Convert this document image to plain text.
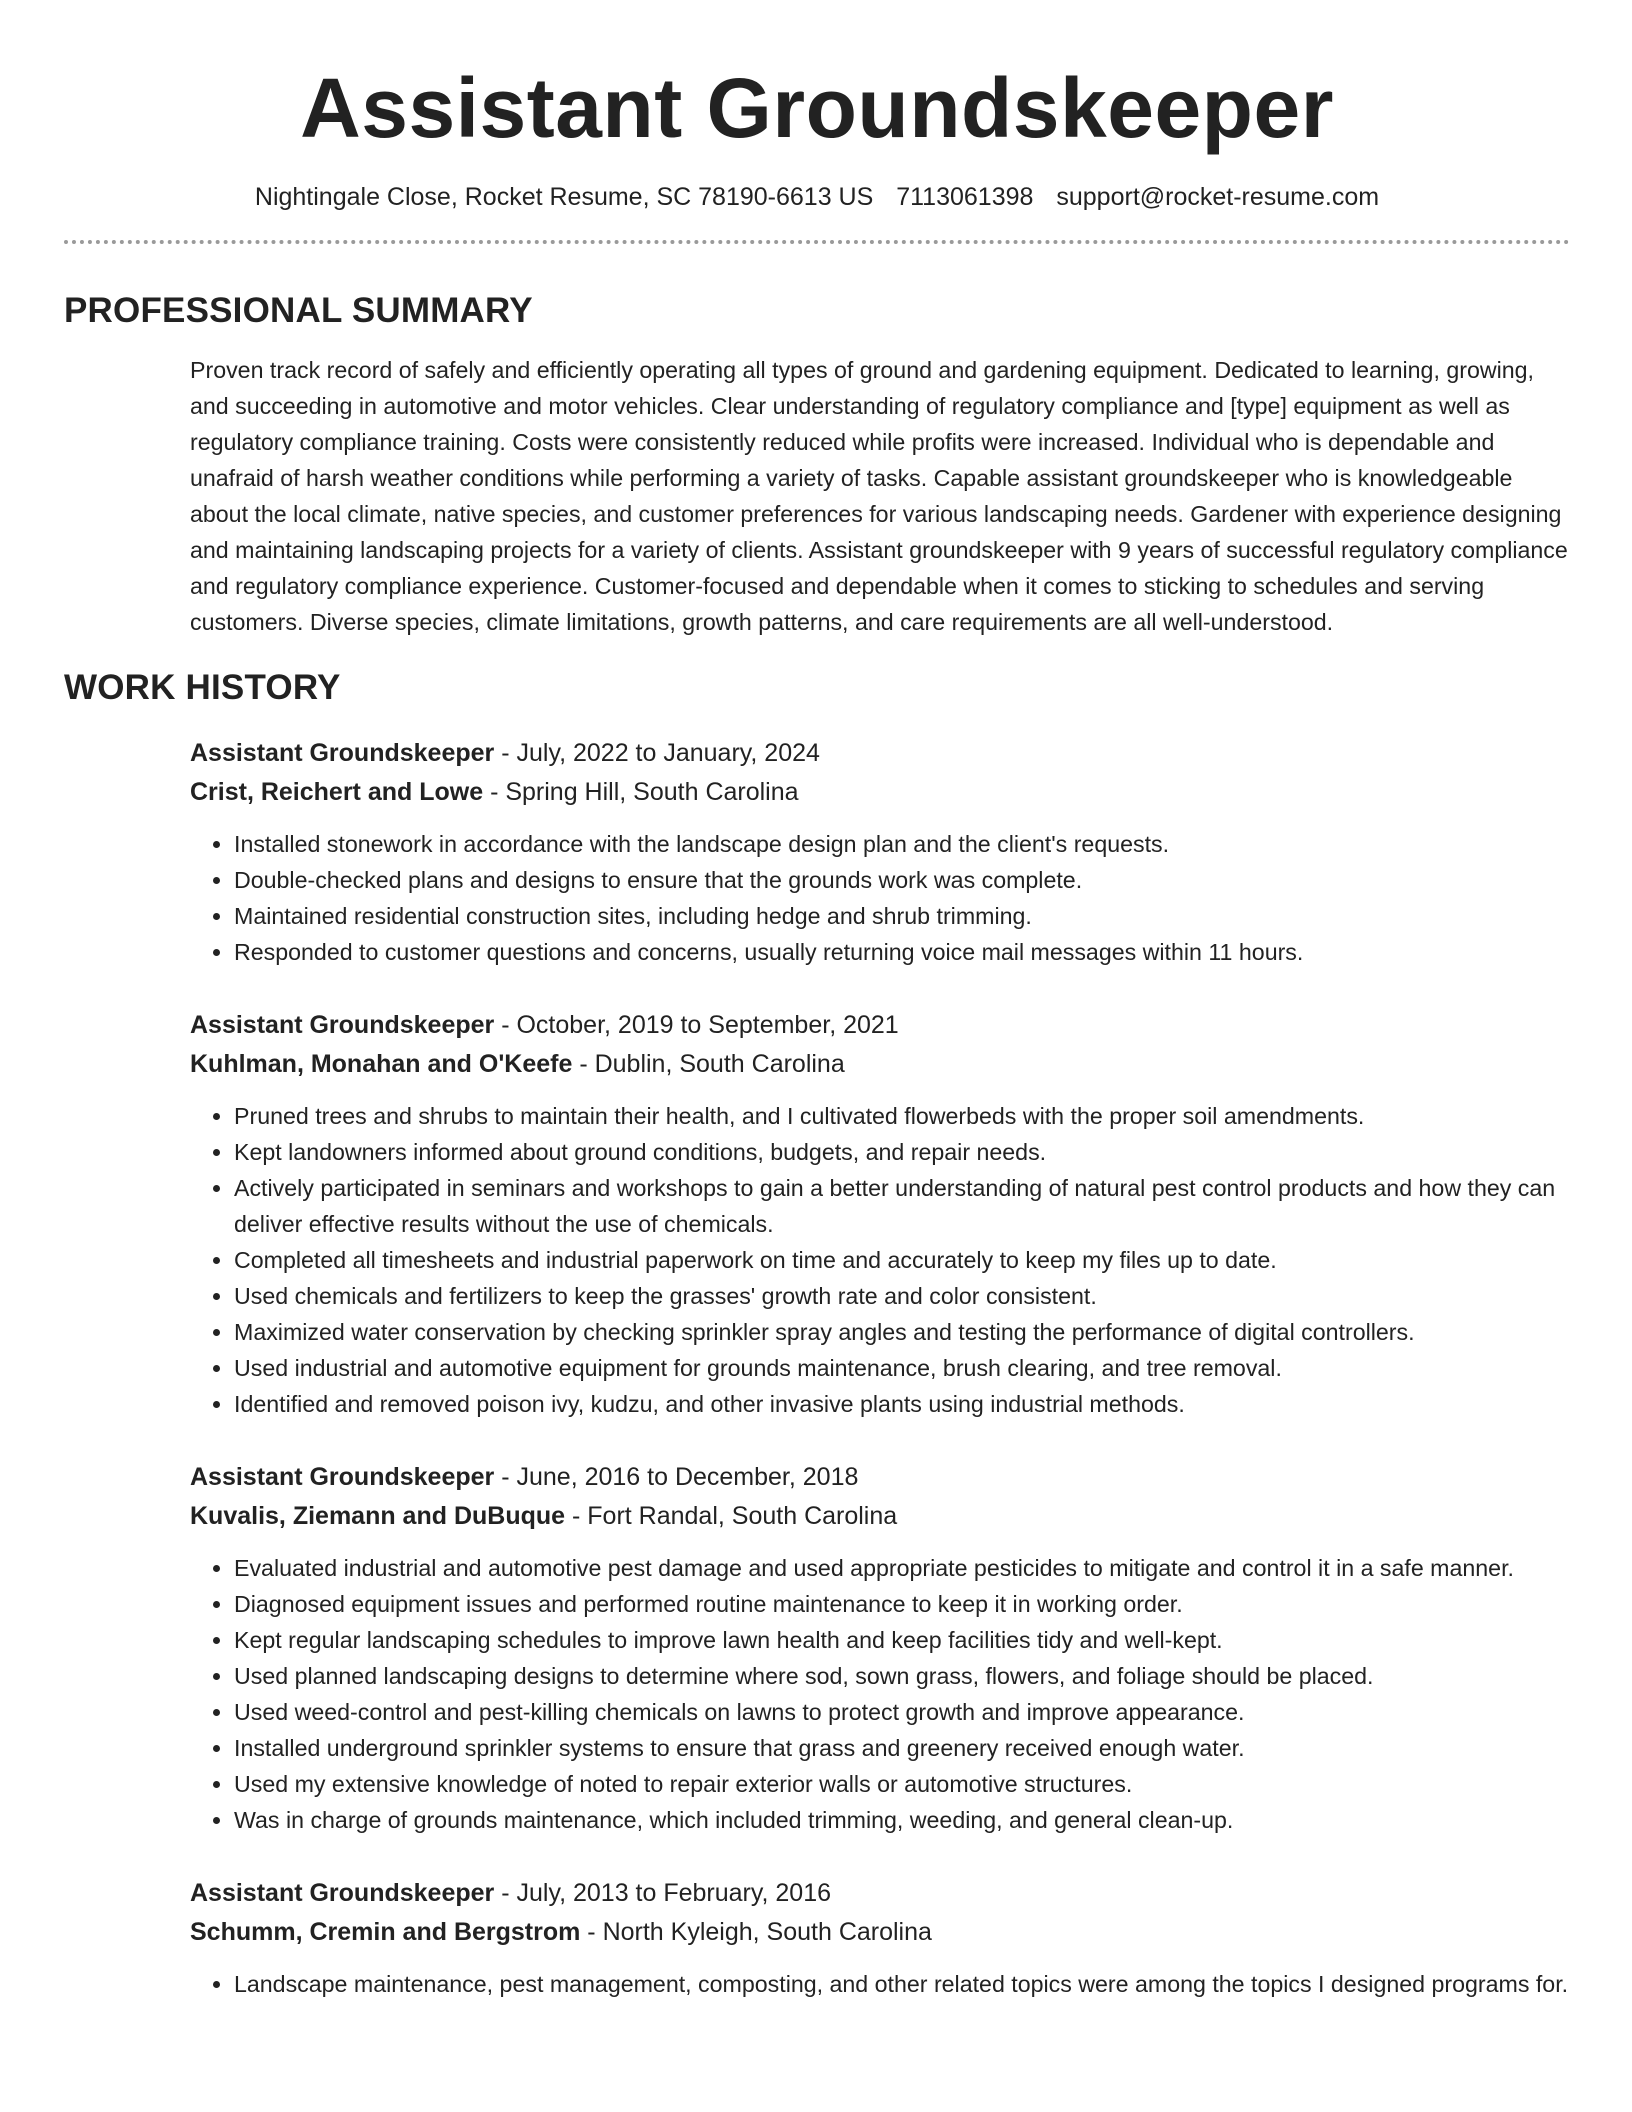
Assistant Groundskeeper
Nightingale Close, Rocket Resume, SC 78190-6613 US 7113061398 support@rocket-resume.com
PROFESSIONAL SUMMARY
Proven track record of safely and efficiently operating all types of ground and gardening equipment. Dedicated to learning, growing, and succeeding in automotive and motor vehicles. Clear understanding of regulatory compliance and [type] equipment as well as regulatory compliance training. Costs were consistently reduced while profits were increased. Individual who is dependable and unafraid of harsh weather conditions while performing a variety of tasks. Capable assistant groundskeeper who is knowledgeable about the local climate, native species, and customer preferences for various landscaping needs. Gardener with experience designing and maintaining landscaping projects for a variety of clients. Assistant groundskeeper with 9 years of successful regulatory compliance and regulatory compliance experience. Customer-focused and dependable when it comes to sticking to schedules and serving customers. Diverse species, climate limitations, growth patterns, and care requirements are all well-understood.
WORK HISTORY
Assistant Groundskeeper - July, 2022 to January, 2024
Crist, Reichert and Lowe - Spring Hill, South Carolina
• Installed stonework in accordance with the landscape design plan and the client's requests.
• Double-checked plans and designs to ensure that the grounds work was complete.
• Maintained residential construction sites, including hedge and shrub trimming.
• Responded to customer questions and concerns, usually returning voice mail messages within 11 hours.
Assistant Groundskeeper - October, 2019 to September, 2021
Kuhlman, Monahan and O'Keefe - Dublin, South Carolina
• Pruned trees and shrubs to maintain their health, and I cultivated flowerbeds with the proper soil amendments.
• Kept landowners informed about ground conditions, budgets, and repair needs.
• Actively participated in seminars and workshops to gain a better understanding of natural pest control products and how they can deliver effective results without the use of chemicals.
• Completed all timesheets and industrial paperwork on time and accurately to keep my files up to date.
• Used chemicals and fertilizers to keep the grasses' growth rate and color consistent.
• Maximized water conservation by checking sprinkler spray angles and testing the performance of digital controllers.
• Used industrial and automotive equipment for grounds maintenance, brush clearing, and tree removal.
• Identified and removed poison ivy, kudzu, and other invasive plants using industrial methods.
Assistant Groundskeeper - June, 2016 to December, 2018
Kuvalis, Ziemann and DuBuque - Fort Randal, South Carolina
• Evaluated industrial and automotive pest damage and used appropriate pesticides to mitigate and control it in a safe manner.
• Diagnosed equipment issues and performed routine maintenance to keep it in working order.
• Kept regular landscaping schedules to improve lawn health and keep facilities tidy and well-kept.
• Used planned landscaping designs to determine where sod, sown grass, flowers, and foliage should be placed.
• Used weed-control and pest-killing chemicals on lawns to protect growth and improve appearance.
• Installed underground sprinkler systems to ensure that grass and greenery received enough water.
• Used my extensive knowledge of noted to repair exterior walls or automotive structures.
• Was in charge of grounds maintenance, which included trimming, weeding, and general clean-up.
Assistant Groundskeeper - July, 2013 to February, 2016
Schumm, Cremin and Bergstrom - North Kyleigh, South Carolina
• Landscape maintenance, pest management, composting, and other related topics were among the topics I designed programs for.
